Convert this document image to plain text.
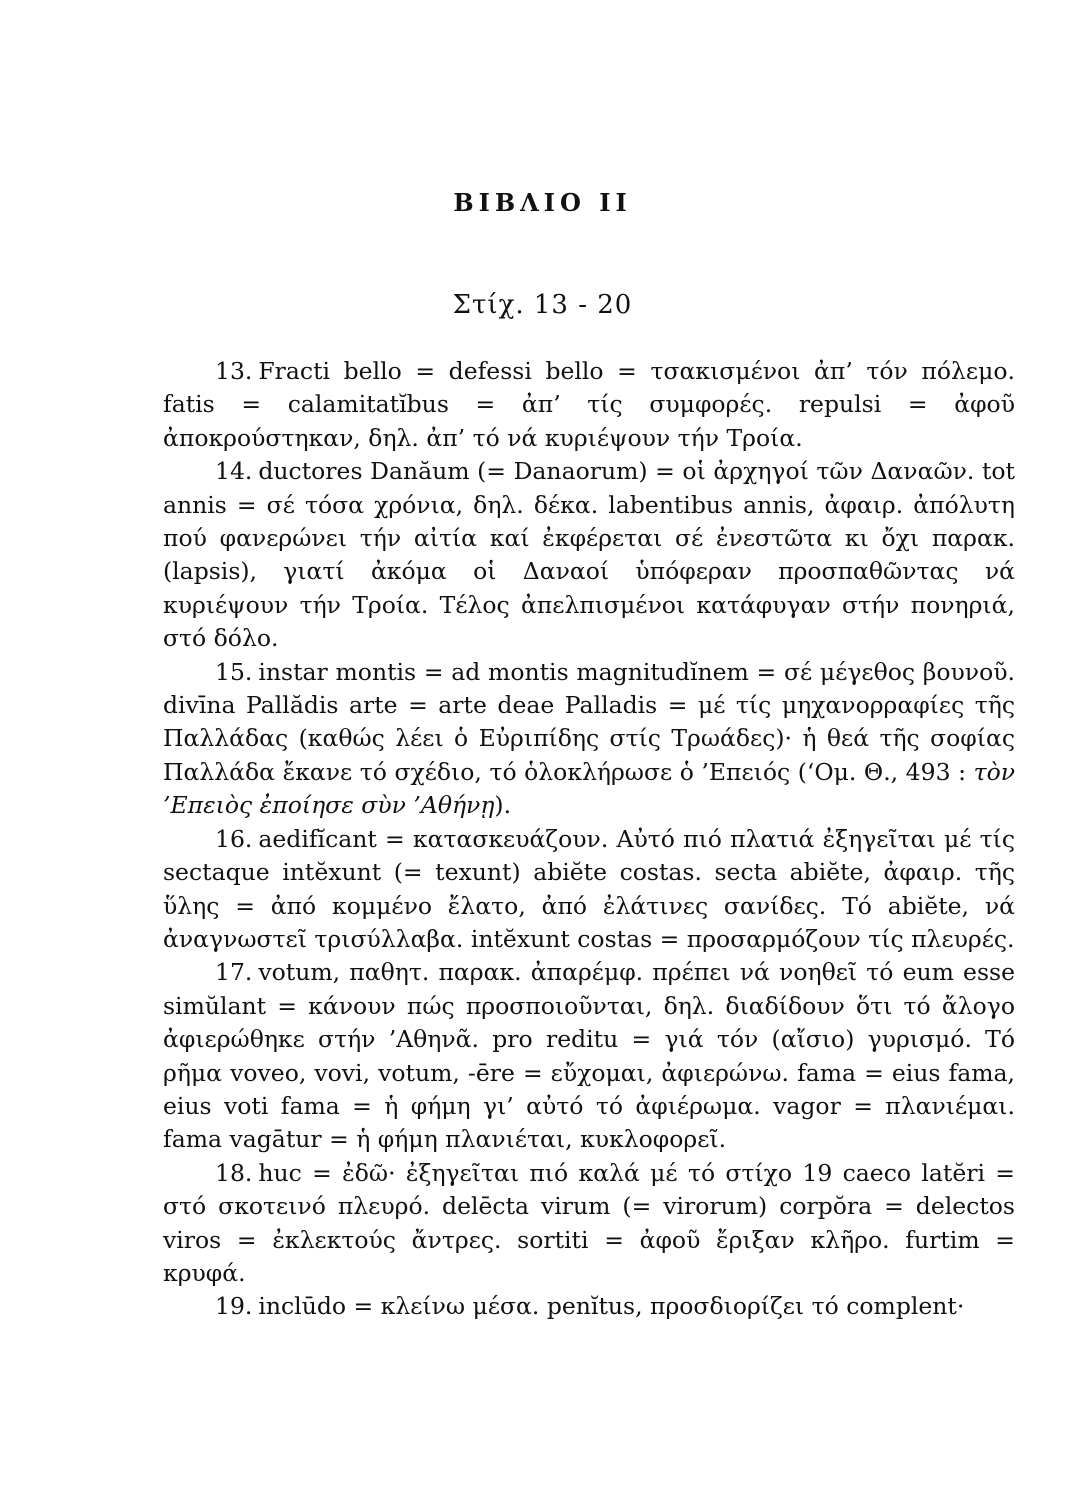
ΒΙΒΛΙΟ ΙΙ
Στίχ. 13 - 20

13. Fracti bello = defessi bello = τσακισμένοι ἀπ’ τόν πόλεμο. fatis = calamitatĭbus = ἀπ’ τίς συμφορές. repulsi = ἀφοῦ ἀποκρούστηκαν, δηλ. ἀπ’ τό νά κυριέψουν τήν Τροία.

14. ductores Danăum (= Danaorum) = οἱ ἀρχηγοί τῶν Δαναῶν. tot annis = σέ τόσα χρόνια, δηλ. δέκα. labentibus annis, ἀφαιρ. ἀπόλυτη πού φανερώνει τήν αἰτία καί ἐκφέρεται σέ ἐνεστῶτα κι ὄχι παρακ. (lapsis), γιατί ἀκόμα οἱ Δαναοί ὑπόφεραν προσπαθῶντας νά κυριέψουν τήν Τροία. Τέλος ἀπελπισμένοι κατάφυγαν στήν πονηριά, στό δόλο.

15. instar montis = ad montis magnitudĭnem = σέ μέγεθος βουνοῦ. divīna Pallădis arte = arte deae Palladis = μέ τίς μηχανορραφίες τῆς Παλλάδας (καθώς λέει ὁ Εὐριπίδης στίς Τρωάδες)· ἡ θεά τῆς σοφίας Παλλάδα ἔκανε τό σχέδιο, τό ὁλοκλήρωσε ὁ ’Επειός (‘Ομ. Θ., 493 : τὸν ’Επειὸς ἐποίησε σὺν ’Αθήνῃ).

16. aedifĭcant = κατασκευάζουν. Αὐτό πιό πλατιά ἐξηγεῖται μέ τίς sectaque intĕxunt (= texunt) abiĕte costas. secta abiĕte, ἀφαιρ. τῆς ὕλης = ἀπό κομμένο ἔλατο, ἀπό ἐλάτινες σανίδες. Τό abiĕte, νά ἀναγνωστεῖ τρισύλλαβα. intĕxunt costas = προσαρμόζουν τίς πλευρές.

17. votum, παθητ. παρακ. ἀπαρέμφ. πρέπει νά νοηθεῖ τό eum esse simŭlant = κάνουν πώς προσποιοῦνται, δηλ. διαδίδουν ὅτι τό ἄλογο ἀφιερώθηκε στήν ’Αθηνᾶ. pro reditu = γιά τόν (αἴσιο) γυρισμό. Τό ρῆμα voveo, vovi, votum, -ēre = εὔχομαι, ἀφιερώνω. fama = eius fama, eius voti fama = ἡ φήμη γι’ αὐτό τό ἀφιέρωμα. vagor = πλανιέμαι. fama vagātur = ἡ φήμη πλανιέται, κυκλοφορεῖ.

18. huc = ἐδῶ· ἐξηγεῖται πιό καλά μέ τό στίχο 19 caeco latĕri = στό σκοτεινό πλευρό. delēcta virum (= virorum) corpŏra = delectos viros = ἐκλεκτούς ἄντρες. sortiti = ἀφοῦ ἔριξαν κλῆρο. furtim = κρυφά.

19. inclūdo = κλείνω μέσα. penĭtus, προσδιορίζει τό complent·
